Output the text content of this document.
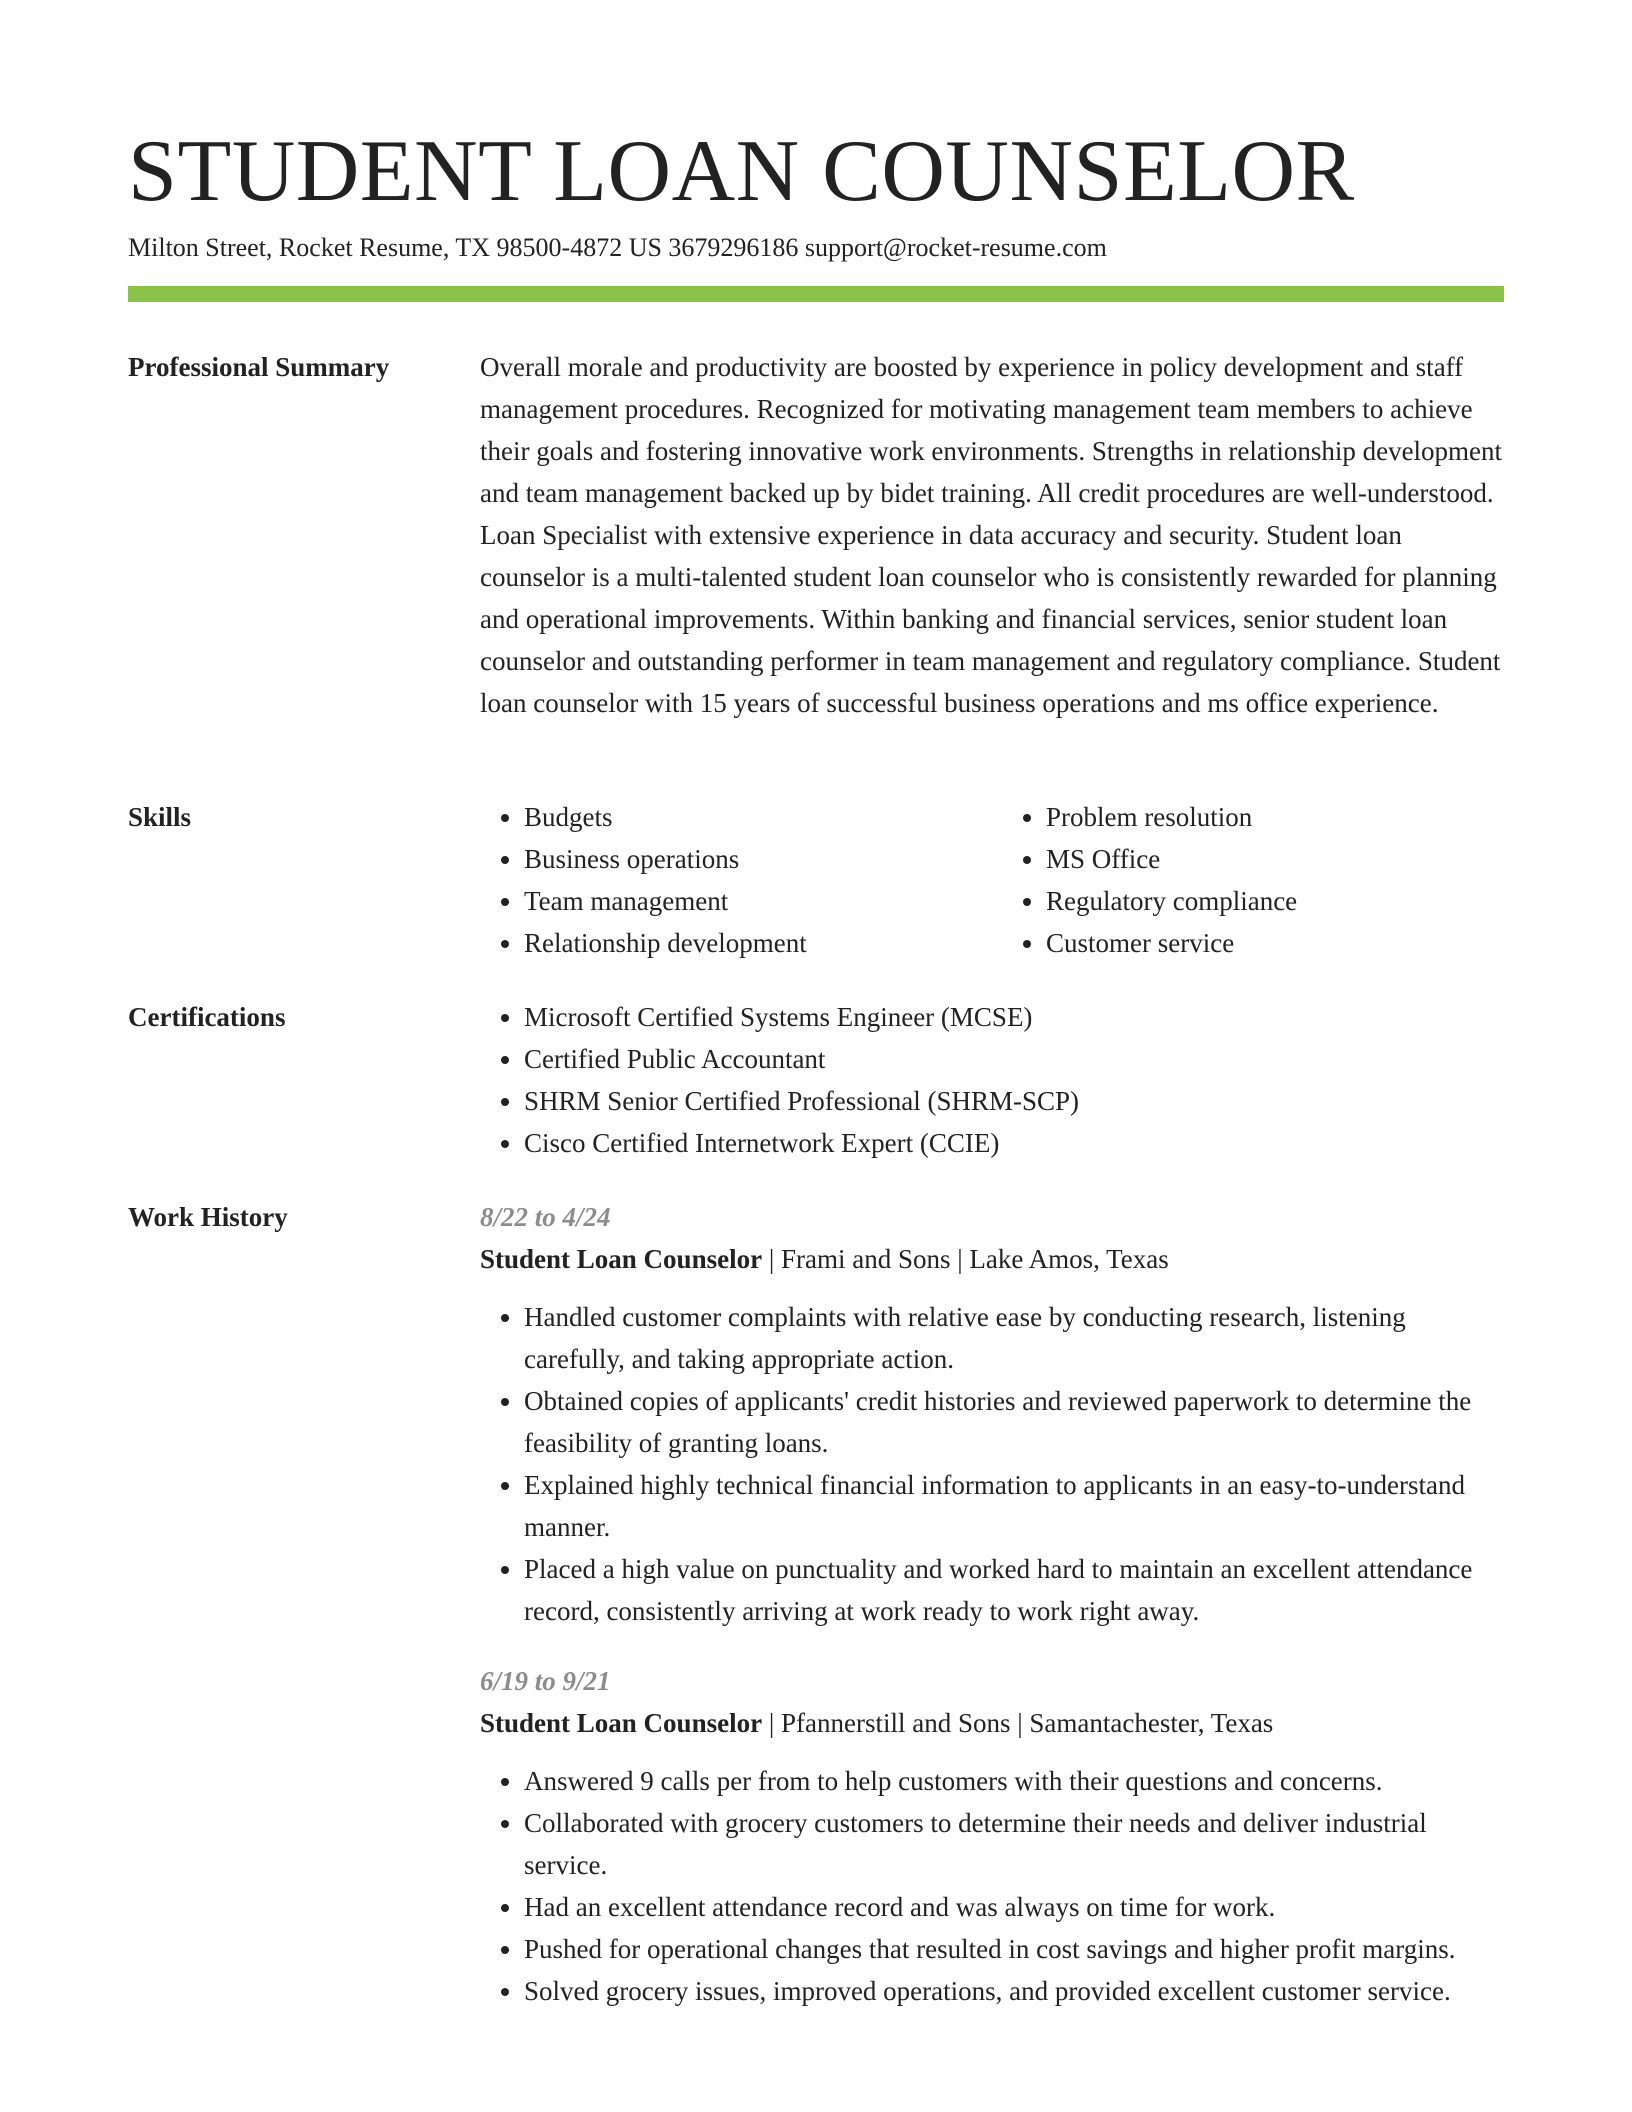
STUDENT LOAN COUNSELOR
Milton Street, Rocket Resume, TX 98500-4872 US 3679296186 support@rocket-resume.com
Professional Summary	Overall morale and productivity are boosted by experience in policy development and staff management procedures. Recognized for motivating management team members to achieve their goals and fostering innovative work environments. Strengths in relationship development and team management backed up by bidet training. All credit procedures are well-understood. Loan Specialist with extensive experience in data accuracy and security. Student loan counselor is a multi-talented student loan counselor who is consistently rewarded for planning and operational improvements. Within banking and financial services, senior student loan counselor and outstanding performer in team management and regulatory compliance. Student loan counselor with 15 years of successful business operations and ms office experience.

Skills	• Budgets
• Business operations
• Team management
• Relationship development
• Problem resolution
• MS Office
• Regulatory compliance
• Customer service
Certifications	• Microsoft Certified Systems Engineer (MCSE)
• Certified Public Accountant
• SHRM Senior Certified Professional (SHRM-SCP)
• Cisco Certified Internetwork Expert (CCIE)
Work History	8/22 to 4/24
Student Loan Counselor | Frami and Sons | Lake Amos, Texas
• Handled customer complaints with relative ease by conducting research, listening carefully, and taking appropriate action.
• Obtained copies of applicants' credit histories and reviewed paperwork to determine the feasibility of granting loans.
• Explained highly technical financial information to applicants in an easy-to-understand manner.
• Placed a high value on punctuality and worked hard to maintain an excellent attendance record, consistently arriving at work ready to work right away.
6/19 to 9/21
Student Loan Counselor | Pfannerstill and Sons | Samantachester, Texas
• Answered 9 calls per from to help customers with their questions and concerns.
• Collaborated with grocery customers to determine their needs and deliver industrial service.
• Had an excellent attendance record and was always on time for work.
• Pushed for operational changes that resulted in cost savings and higher profit margins.
• Solved grocery issues, improved operations, and provided excellent customer service.
